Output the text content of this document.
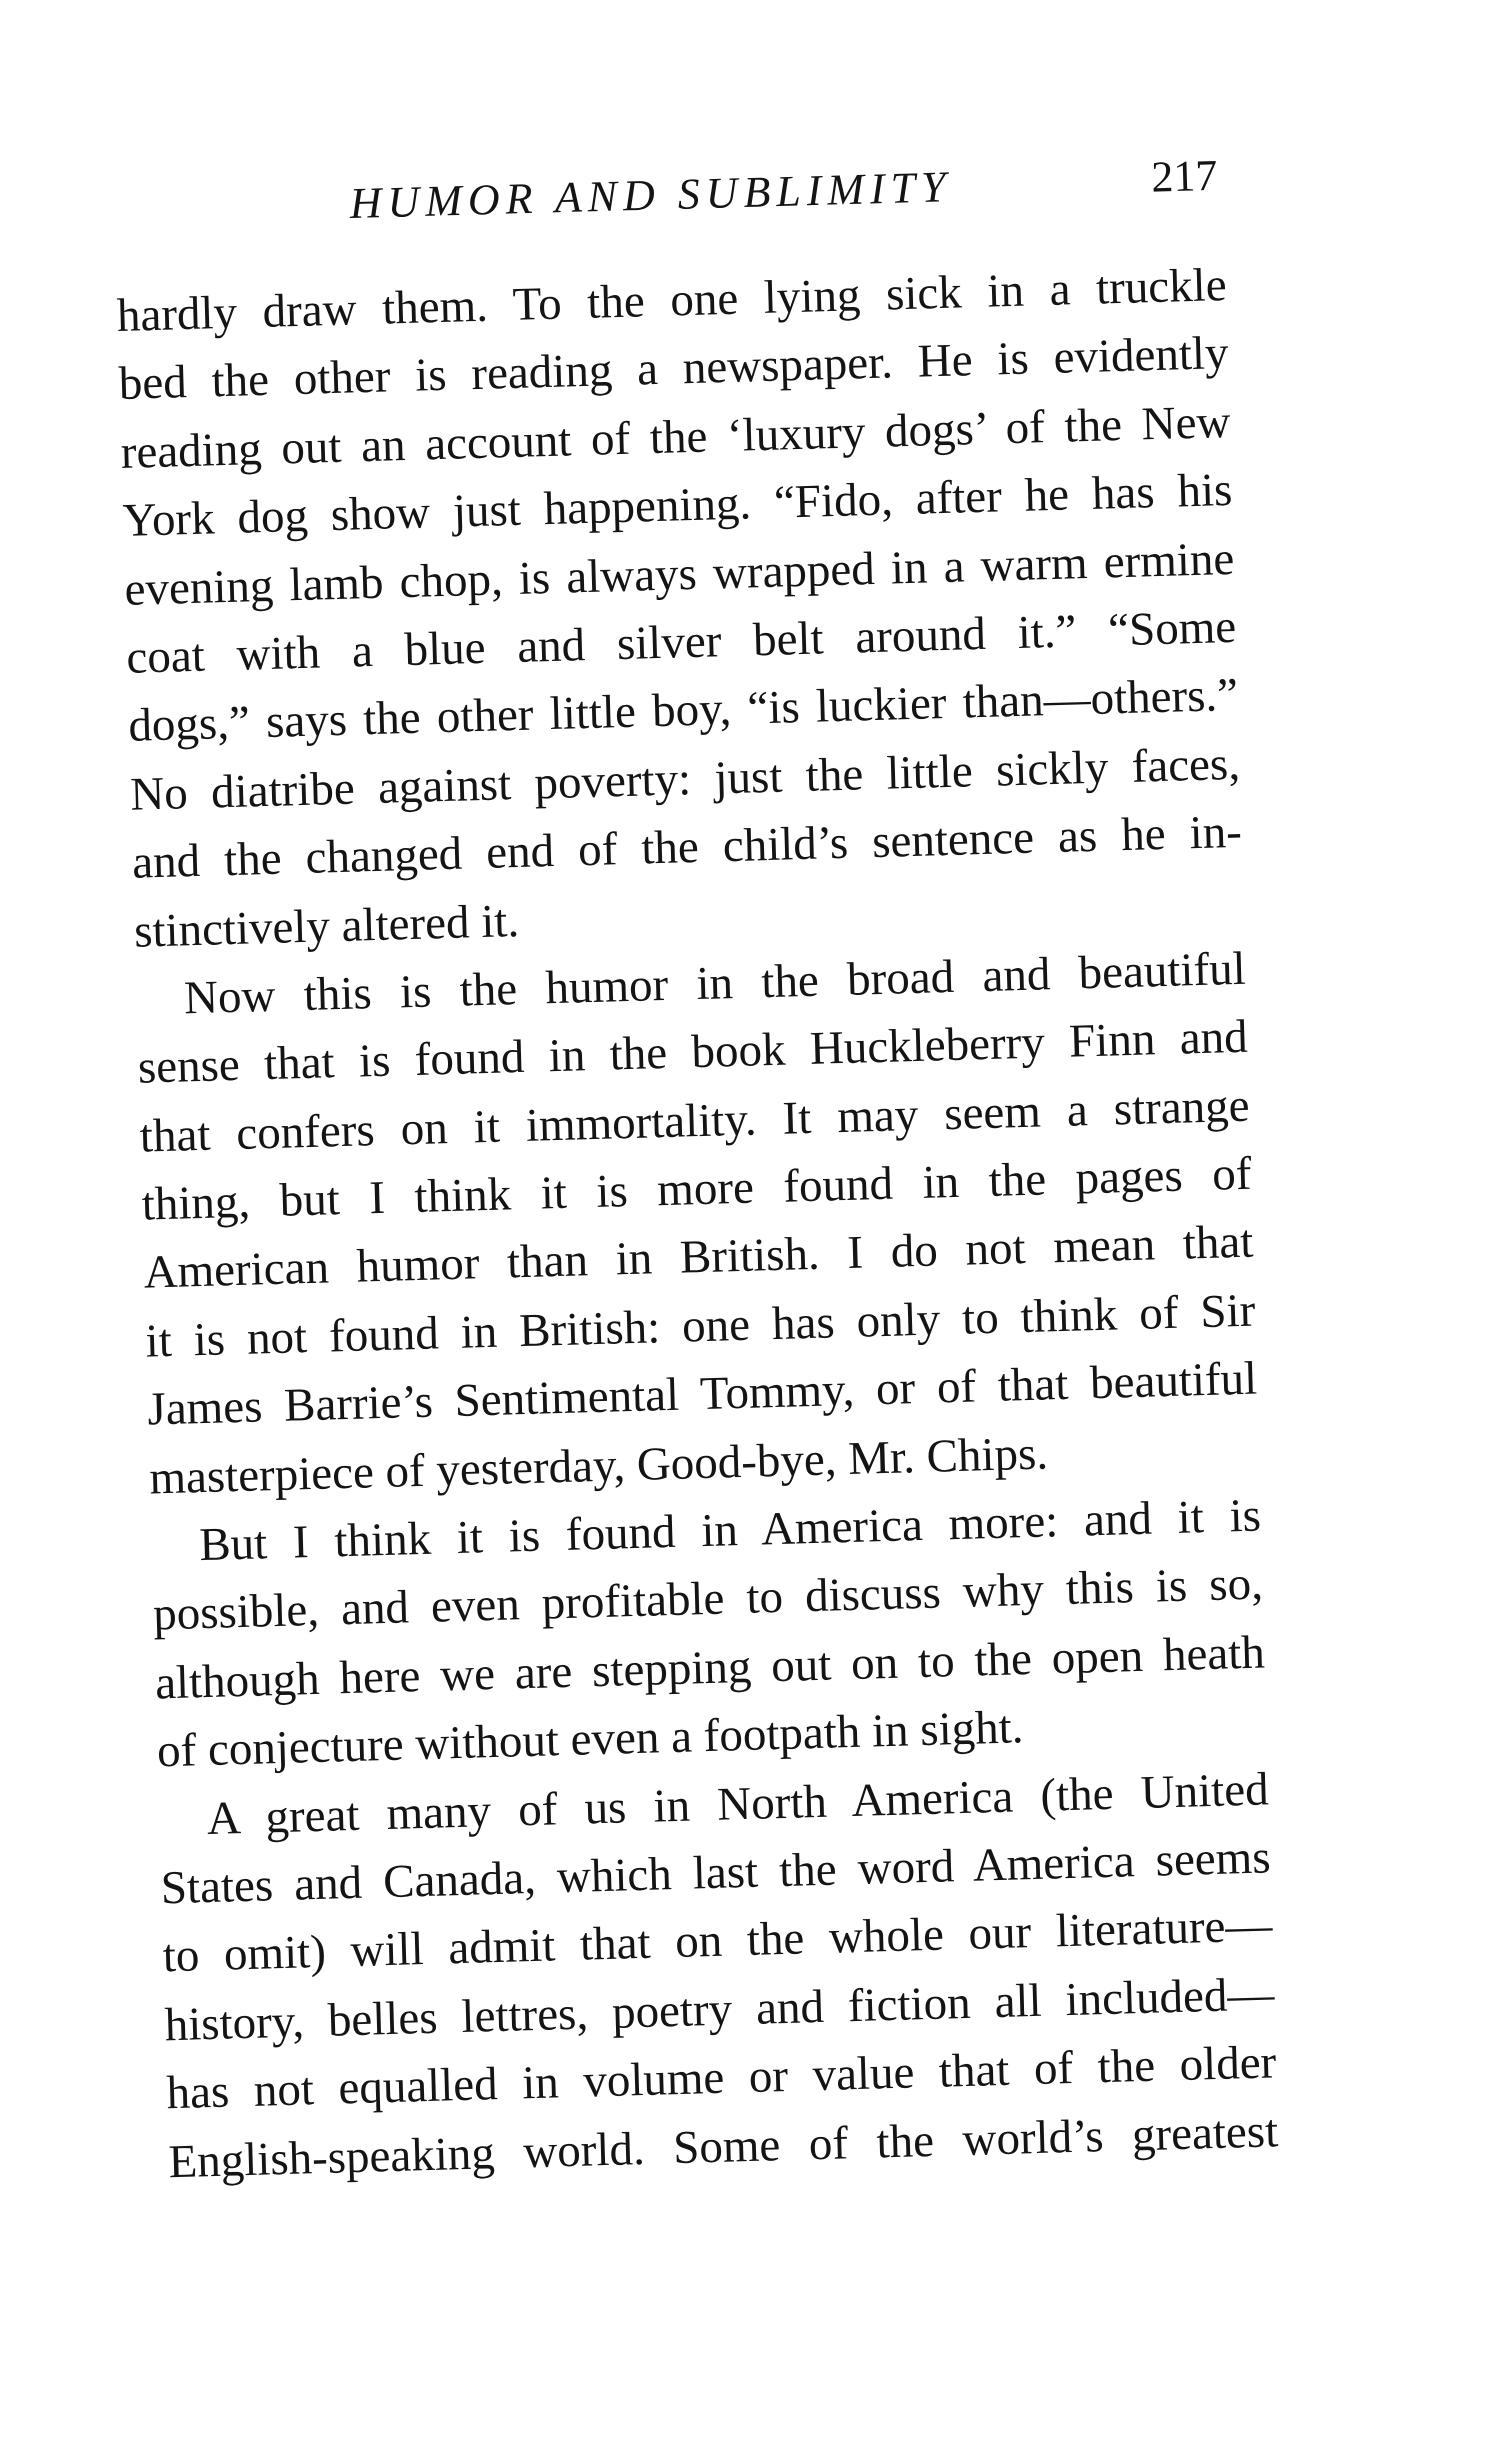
HUMOR AND SUBLIMITY	217
hardly draw them. To the one lying sick in a truckle
bed the other is reading a newspaper. He is evidently
reading out an account of the ‘luxury dogs’ of the New
York dog show just happening. “Fido, after he has his
evening lamb chop, is always wrapped in a warm ermine
coat with a blue and silver belt around it.” “Some
dogs,” says the other little boy, “is luckier than—others.”
No diatribe against poverty: just the little sickly faces,
and the changed end of the child’s sentence as he in-
stinctively altered it.
Now this is the humor in the broad and beautiful
sense that is found in the book Huckleberry Finn and
that confers on it immortality. It may seem a strange
thing, but I think it is more found in the pages of
American humor than in British. I do not mean that
it is not found in British: one has only to think of Sir
James Barrie’s Sentimental Tommy, or of that beautiful
masterpiece of yesterday, Good-bye, Mr. Chips.
But I think it is found in America more: and it is
possible, and even profitable to discuss why this is so,
although here we are stepping out on to the open heath
of conjecture without even a footpath in sight.
A great many of us in North America (the United
States and Canada, which last the word America seems
to omit) will admit that on the whole our literature—
history, belles lettres, poetry and fiction all included—
has not equalled in volume or value that of the older
English-speaking world. Some of the world’s greatest
